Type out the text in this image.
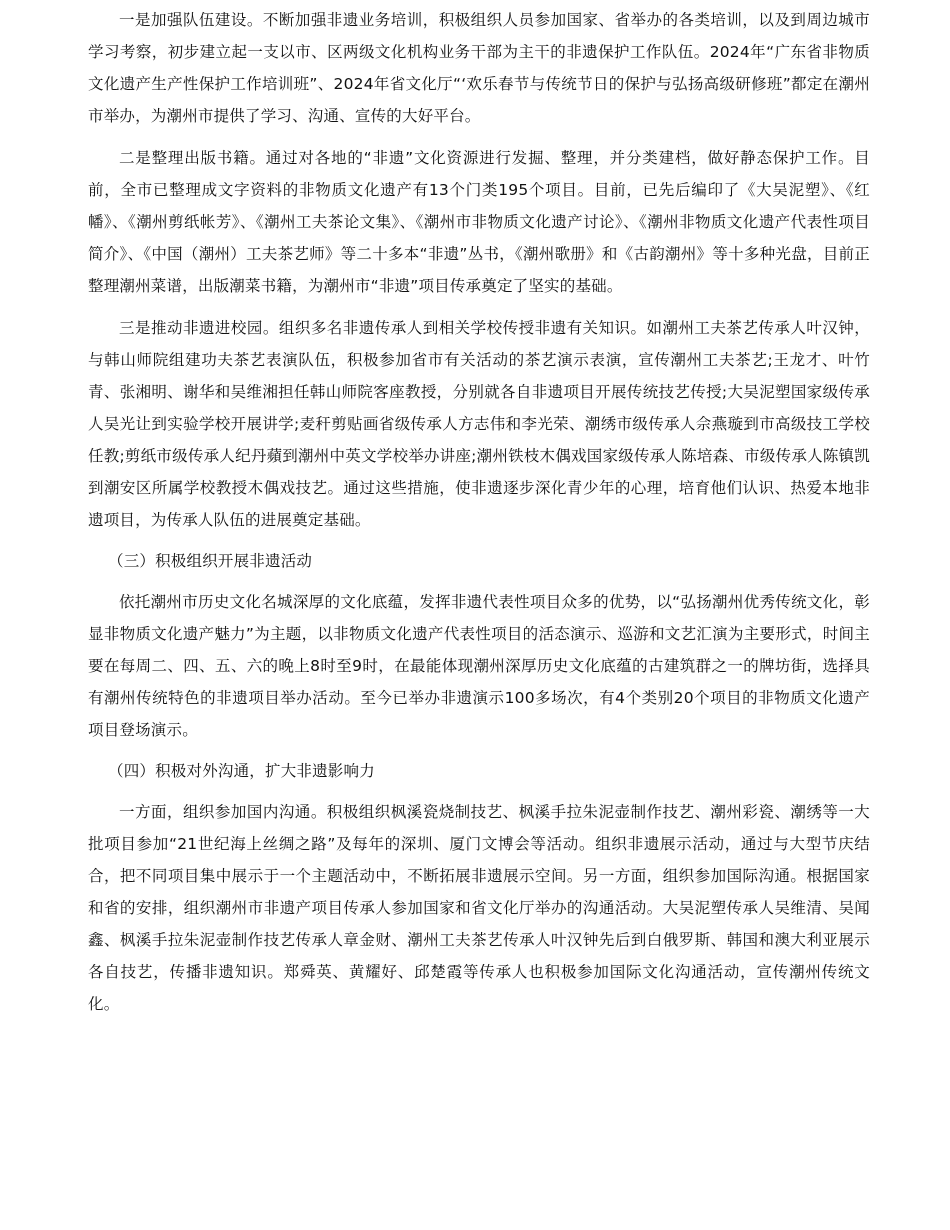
一是加强队伍建设。不断加强非遗业务培训，积极组织人员参加国家、省举办的各类培训，以及到周边城市学习考察，初步建立起一支以市、区两级文化机构业务干部为主干的非遗保护工作队伍。2024年“广东省非物质文化遗产生产性保护工作培训班”、2024年省文化厅“‘欢乐春节与传统节日的保护与弘扬高级研修班”都定在潮州市举办，为潮州市提供了学习、沟通、宣传的大好平台。

二是整理出版书籍。通过对各地的“非遗”文化资源进行发掘、整理，并分类建档，做好静态保护工作。目前，全市已整理成文字资料的非物质文化遗产有13个门类195个项目。目前，已先后编印了《大吴泥塑》、《红幡》、《潮州剪纸帐芳》、《潮州工夫茶论文集》、《潮州市非物质文化遗产讨论》、《潮州非物质文化遗产代表性项目简介》、《中国（潮州）工夫茶艺师》等二十多本“非遗”丛书，《潮州歌册》和《古韵潮州》等十多种光盘，目前正整理潮州菜谱，出版潮菜书籍，为潮州市“非遗”项目传承奠定了坚实的基础。

三是推动非遗进校园。组织多名非遗传承人到相关学校传授非遗有关知识。如潮州工夫茶艺传承人叶汉钟，与韩山师院组建功夫茶艺表演队伍，积极参加省市有关活动的茶艺演示表演，宣传潮州工夫茶艺;王龙才、叶竹青、张湘明、谢华和吴维湘担任韩山师院客座教授，分别就各自非遗项目开展传统技艺传授;大吴泥塑国家级传承人吴光让到实验学校开展讲学;麦秆剪贴画省级传承人方志伟和李光荣、潮绣市级传承人佘燕璇到市高级技工学校任教;剪纸市级传承人纪丹蘋到潮州中英文学校举办讲座;潮州铁枝木偶戏国家级传承人陈培森、市级传承人陈镇凯到潮安区所属学校教授木偶戏技艺。通过这些措施，使非遗逐步深化青少年的心理，培育他们认识、热爱本地非遗项目，为传承人队伍的进展奠定基础。

（三）积极组织开展非遗活动

依托潮州市历史文化名城深厚的文化底蕴，发挥非遗代表性项目众多的优势，以“弘扬潮州优秀传统文化，彰显非物质文化遗产魅力”为主题，以非物质文化遗产代表性项目的活态演示、巡游和文艺汇演为主要形式，时间主要在每周二、四、五、六的晚上8时至9时，在最能体现潮州深厚历史文化底蕴的古建筑群之一的牌坊街，选择具有潮州传统特色的非遗项目举办活动。至今已举办非遗演示100多场次，有4个类别20个项目的非物质文化遗产项目登场演示。

（四）积极对外沟通，扩大非遗影响力

一方面，组织参加国内沟通。积极组织枫溪瓷烧制技艺、枫溪手拉朱泥壶制作技艺、潮州彩瓷、潮绣等一大批项目参加“21世纪海上丝绸之路”及每年的深圳、厦门文博会等活动。组织非遗展示活动，通过与大型节庆结合，把不同项目集中展示于一个主题活动中，不断拓展非遗展示空间。另一方面，组织参加国际沟通。根据国家和省的安排，组织潮州市非遗产项目传承人参加国家和省文化厅举办的沟通活动。大吴泥塑传承人吴维清、吴闻鑫、枫溪手拉朱泥壶制作技艺传承人章金财、潮州工夫茶艺传承人叶汉钟先后到白俄罗斯、韩国和澳大利亚展示各自技艺，传播非遗知识。郑舜英、黄耀好、邱楚霞等传承人也积极参加国际文化沟通活动，宣传潮州传统文化。
